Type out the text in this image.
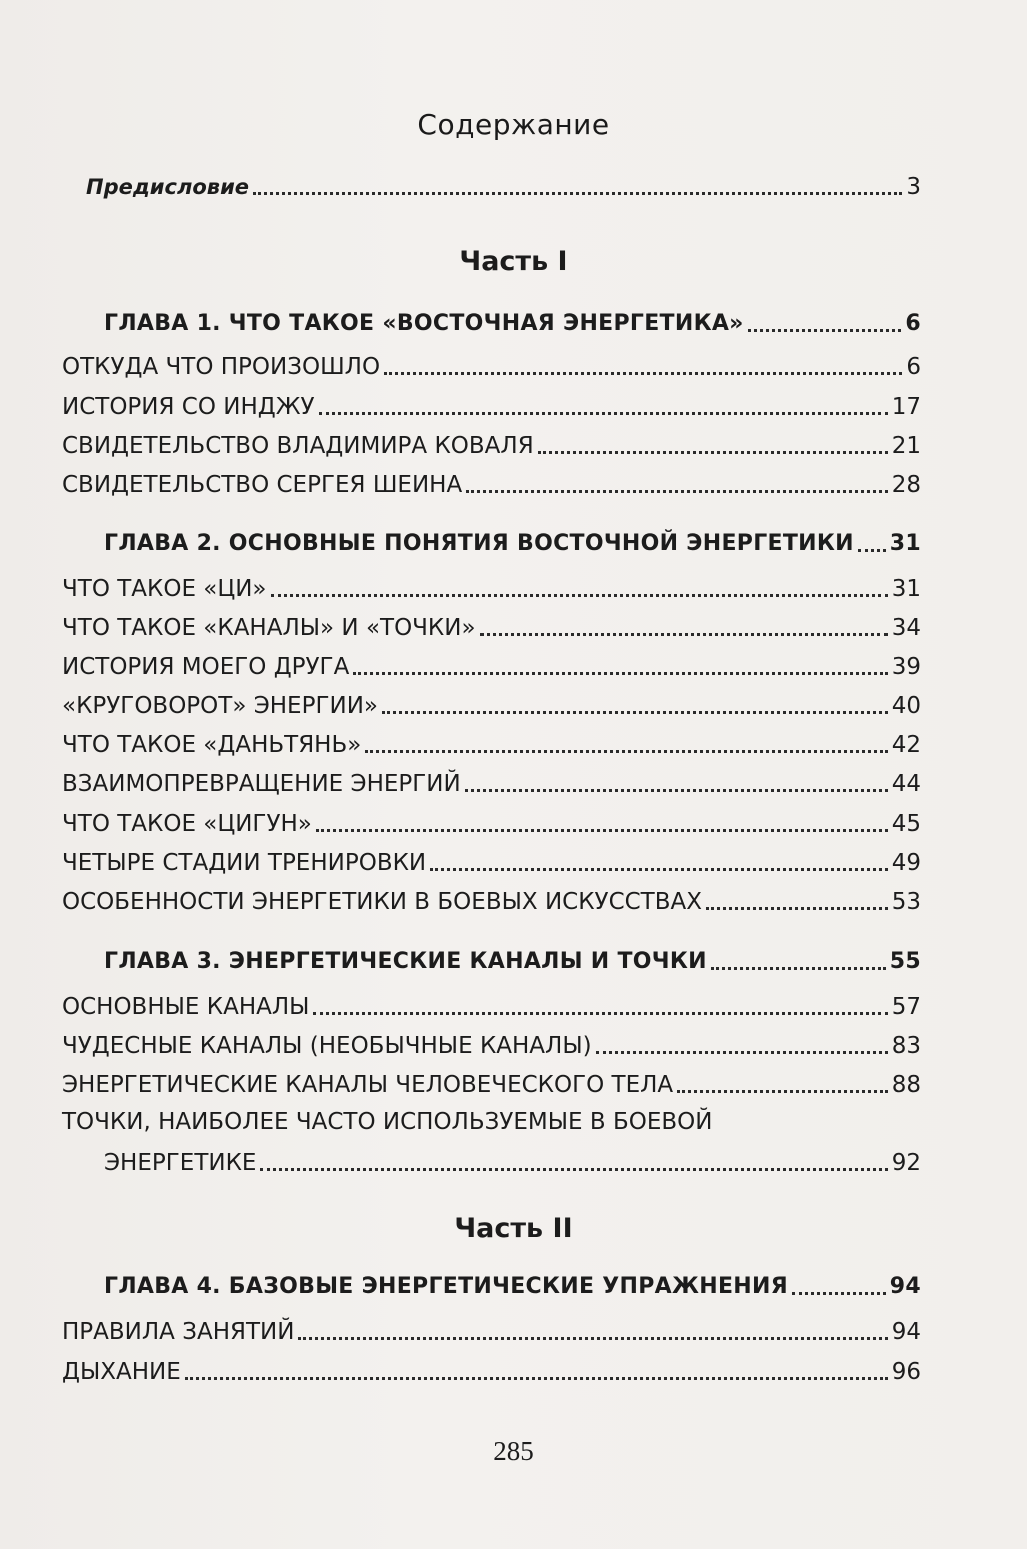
Содержание
Предисловие	3
Часть I
ГЛАВА 1. ЧТО ТАКОЕ «ВОСТОЧНАЯ ЭНЕРГЕТИКА»	6
ОТКУДА ЧТО ПРОИЗОШЛО	6
ИСТОРИЯ СО ИНДЖУ	17
СВИДЕТЕЛЬСТВО ВЛАДИМИРА КОВАЛЯ	21
СВИДЕТЕЛЬСТВО СЕРГЕЯ ШЕИНА	28
ГЛАВА 2. ОСНОВНЫЕ ПОНЯТИЯ ВОСТОЧНОЙ ЭНЕРГЕТИКИ 31
ЧТО ТАКОЕ «ЦИ»	31
ЧТО ТАКОЕ «КАНАЛЫ» И «ТОЧКИ»	34
ИСТОРИЯ МОЕГО ДРУГА	39
«КРУГОВОРОТ» ЭНЕРГИИ»	40
ЧТО ТАКОЕ «ДАНЬТЯНЬ»	42
ВЗАИМОПРЕВРАЩЕНИЕ ЭНЕРГИЙ	44
ЧТО ТАКОЕ «ЦИГУН»	45
ЧЕТЫРЕ СТАДИИ ТРЕНИРОВКИ	49
ОСОБЕННОСТИ ЭНЕРГЕТИКИ В БОЕВЫХ ИСКУССТВАХ	53
ГЛАВА 3. ЭНЕРГЕТИЧЕСКИЕ КАНАЛЫ И ТОЧКИ	55
ОСНОВНЫЕ КАНАЛЫ	57
ЧУДЕСНЫЕ КАНАЛЫ (НЕОБЫЧНЫЕ КАНАЛЫ)	83
ЭНЕРГЕТИЧЕСКИЕ КАНАЛЫ ЧЕЛОВЕЧЕСКОГО ТЕЛА	88
ТОЧКИ, НАИБОЛЕЕ ЧАСТО ИСПОЛЬЗУЕМЫЕ В БОЕВОЙ
ЭНЕРГЕТИКЕ	92
Часть II
ГЛАВА 4. БАЗОВЫЕ ЭНЕРГЕТИЧЕСКИЕ УПРАЖНЕНИЯ	94
ПРАВИЛА ЗАНЯТИЙ	94
ДЫХАНИЕ	96
285
